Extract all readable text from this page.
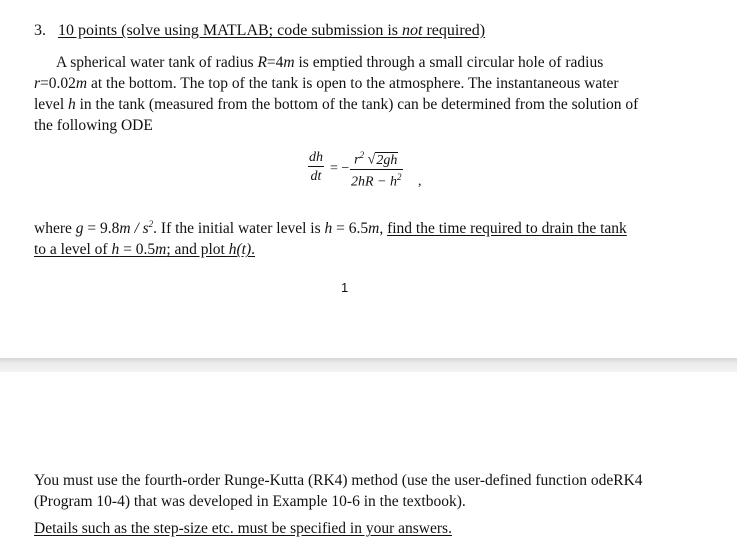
3. 10 points (solve using MATLAB; code submission is not required)
A spherical water tank of radius R=4m is emptied through a small circular hole of radius
r=0.02m at the bottom. The top of the tank is open to the atmosphere. The instantaneous water
level h in the tank (measured from the bottom of the tank) can be determined from the solution of
the following ODE
$\frac{dh}{dt}$ = − $\frac{r^2 √2gh}{2hR - h^2}$ ,
where $g = 9.8m / s^2$. If the initial water level is h = 6.5m, find the time required to drain the tank
to a level of h = 0.5m; and plot h(t).
1
You must use the fourth-order Runge-Kutta (RK4) method (use the user-defined function odeRK4
(Program 10-4) that was developed in Example 10-6 in the textbook).
Details such as the step-size etc. must be specified in your answers.
